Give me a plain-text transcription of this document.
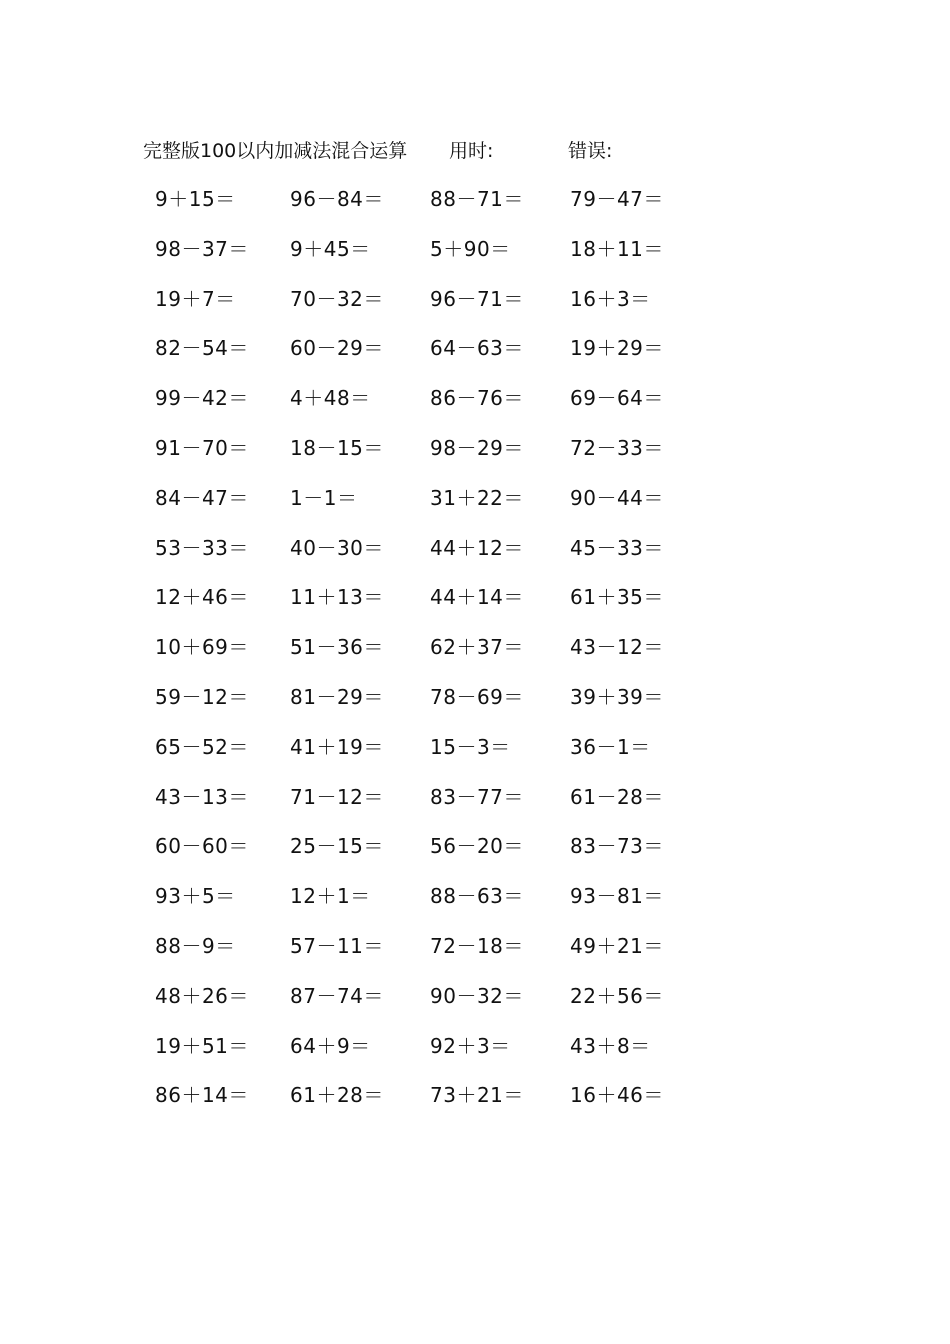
完整版100以内加减法混合运算 用时:	错误:
9＋15＝	96－84＝ 88－71＝ 79－47＝
98－37＝ 9＋45＝	5＋90＝	18＋11＝
19＋7＝	70－32＝ 96－71＝ 16＋3＝
82－54＝ 60－29＝ 64－63＝ 19＋29＝
99－42＝ 4＋48＝	86－76＝ 69－64＝
91－70＝ 18－15＝ 98－29＝ 72－33＝
84－47＝ 1－1＝	31＋22＝ 90－44＝
53－33＝ 40－30＝ 44＋12＝ 45－33＝
12＋46＝ 11＋13＝ 44＋14＝ 61＋35＝
10＋69＝ 51－36＝ 62＋37＝ 43－12＝
59－12＝ 81－29＝ 78－69＝ 39＋39＝
65－52＝ 41＋19＝ 15－3＝	36－1＝
43－13＝ 71－12＝ 83－77＝ 61－28＝
60－60＝ 25－15＝ 56－20＝ 83－73＝
93＋5＝	12＋1＝	88－63＝ 93－81＝
88－9＝	57－11＝ 72－18＝ 49＋21＝
48＋26＝ 87－74＝ 90－32＝ 22＋56＝
19＋51＝ 64＋9＝	92＋3＝	43＋8＝
86＋14＝ 61＋28＝ 73＋21＝ 16＋46＝
